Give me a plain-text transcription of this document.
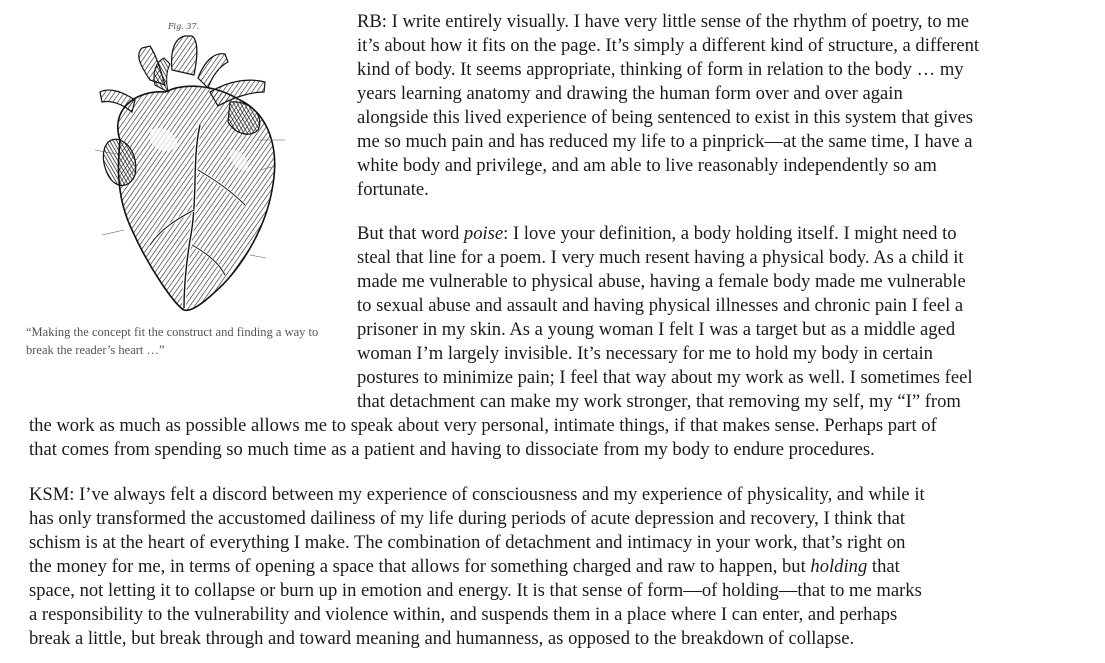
Fig. 37.
“Making the concept fit the construct and finding a way to break the reader’s heart …”
RB: I write entirely visually. I have very little sense of the rhythm of poetry, to me
it’s about how it fits on the page. It’s simply a different kind of structure, a different
kind of body. It seems appropriate, thinking of form in relation to the body … my
years learning anatomy and drawing the human form over and over again
alongside this lived experience of being sentenced to exist in this system that gives
me so much pain and has reduced my life to a pinprick—at the same time, I have a
white body and privilege, and am able to live reasonably independently so am
fortunate.
But that word poise: I love your definition, a body holding itself. I might need to
steal that line for a poem. I very much resent having a physical body. As a child it
made me vulnerable to physical abuse, having a female body made me vulnerable
to sexual abuse and assault and having physical illnesses and chronic pain I feel a
prisoner in my skin. As a young woman I felt I was a target but as a middle aged
woman I’m largely invisible. It’s necessary for me to hold my body in certain
postures to minimize pain; I feel that way about my work as well. I sometimes feel
that detachment can make my work stronger, that removing my self, my “I” from
the work as much as possible allows me to speak about very personal, intimate things, if that makes sense. Perhaps part of
that comes from spending so much time as a patient and having to dissociate from my body to endure procedures.
KSM: I’ve always felt a discord between my experience of consciousness and my experience of physicality, and while it
has only transformed the accustomed dailiness of my life during periods of acute depression and recovery, I think that
schism is at the heart of everything I make. The combination of detachment and intimacy in your work, that’s right on
the money for me, in terms of opening a space that allows for something charged and raw to happen, but holding that
space, not letting it to collapse or burn up in emotion and energy. It is that sense of form—of holding—that to me marks
a responsibility to the vulnerability and violence within, and suspends them in a place where I can enter, and perhaps
break a little, but break through and toward meaning and humanness, as opposed to the breakdown of collapse.
